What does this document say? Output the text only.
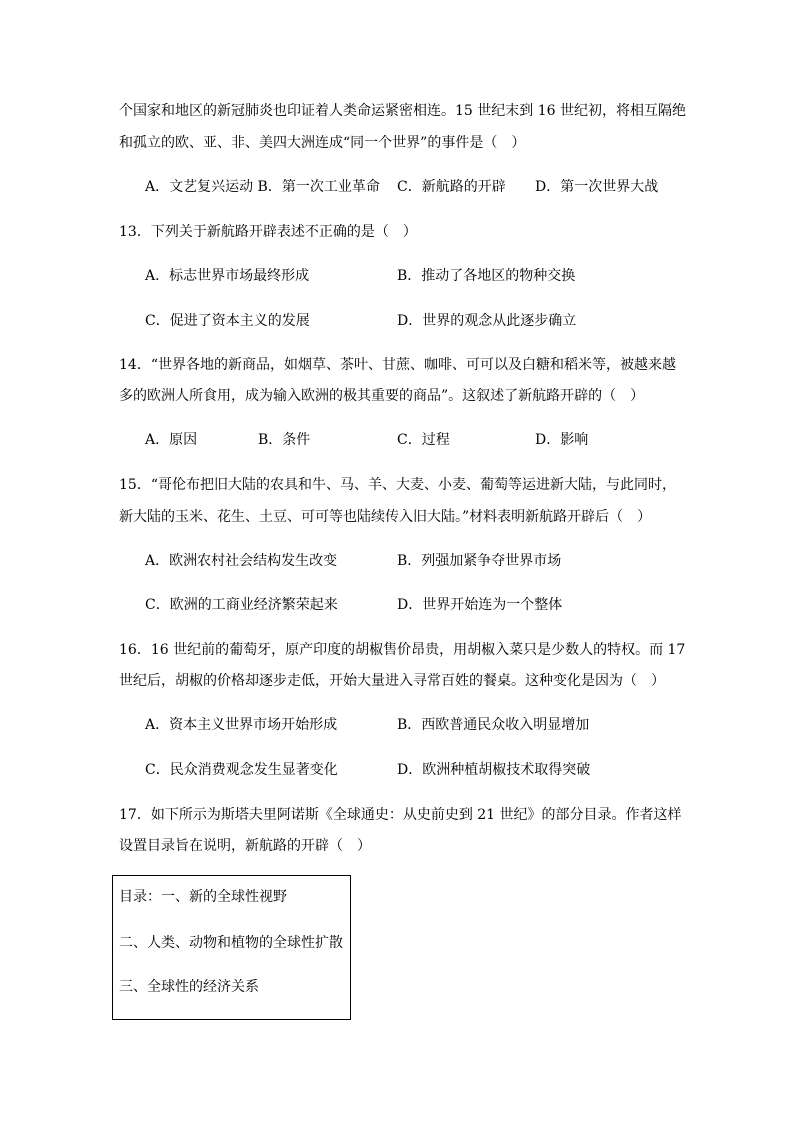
个国家和地区的新冠肺炎也印证着人类命运紧密相连。15 世纪末到 16 世纪初，将相互隔绝
和孤立的欧、亚、非、美四大洲连成“同一个世界”的事件是（　）
A．文艺复兴运动 B．第一次工业革命 C．新航路的开辟 D．第一次世界大战
13．下列关于新航路开辟表述不正确的是（　）
A．标志世界市场最终形成	B．推动了各地区的物种交换
C．促进了资本主义的发展	D．世界的观念从此逐步确立
14．“世界各地的新商品，如烟草、茶叶、甘蔗、咖啡、可可以及白糖和稻米等，被越来越
多的欧洲人所食用，成为输入欧洲的极其重要的商品”。这叙述了新航路开辟的（　）
A．原因	B．条件	C．过程	D．影响
15．“哥伦布把旧大陆的农具和牛、马、羊、大麦、小麦、葡萄等运进新大陆，与此同时，
新大陆的玉米、花生、土豆、可可等也陆续传入旧大陆。”材料表明新航路开辟后（　）
A．欧洲农村社会结构发生改变	B．列强加紧争夺世界市场
C．欧洲的工商业经济繁荣起来	D．世界开始连为一个整体
16．16 世纪前的葡萄牙，原产印度的胡椒售价昂贵，用胡椒入菜只是少数人的特权。而 17
世纪后，胡椒的价格却逐步走低，开始大量进入寻常百姓的餐桌。这种变化是因为（　）
A．资本主义世界市场开始形成	B．西欧普通民众收入明显增加
C．民众消费观念发生显著变化	D．欧洲种植胡椒技术取得突破
17．如下所示为斯塔夫里阿诺斯《全球通史：从史前史到 21 世纪》的部分目录。作者这样
设置目录旨在说明，新航路的开辟（　）
目录：一、新的全球性视野
二、人类、动物和植物的全球性扩散
三、全球性的经济关系
